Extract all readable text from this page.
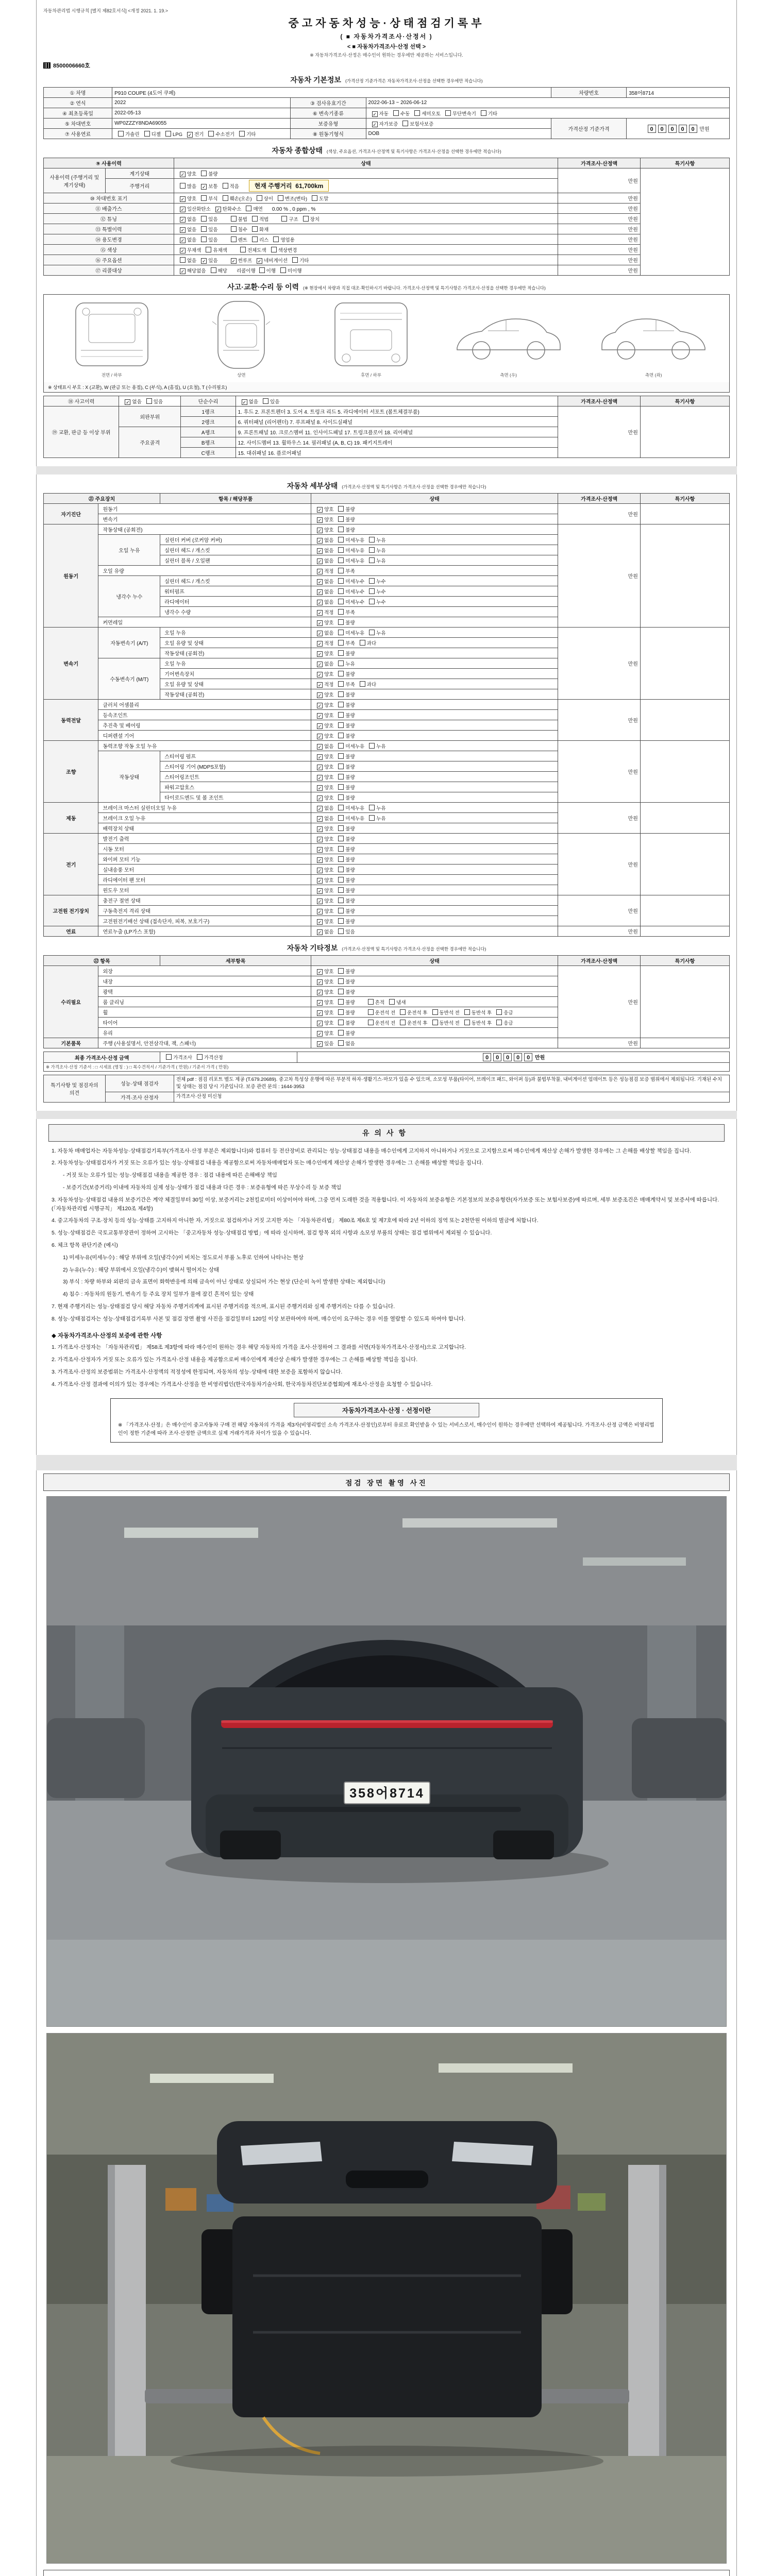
자동차관리법 시행규칙 [별지 제82호서식] <개정 2021. 1. 19.>
중고자동차성능·상태점검기록부
( ■ 자동차가격조사·산정서 )
< ■ 자동차가격조사·산정 선택 >
※ 자동차가격조사·산정은 매수인이 원하는 경우에만 제공하는 서비스입니다.
8500006660호
자동차 기본정보 (가격산정 기준가격은 자동차가격조사·산정을 선택한 경우에만 적습니다)
① 차명	P910 COUPE (4도어 쿠페)			차량번호	358어8714
② 연식	2022	③ 검사유효기간	2022-06-13 ~ 2026-06-12		
④ 최초등록일	2022-05-13	⑥ 변속기종류	✓ 자동 수동 세미오토 무단변속기 기타		
⑤ 차대번호	WP0ZZZY8NDA69055	보증유형	✓ 자가보증 보험사보증	가격산정 기준가격	0 0 0 0 0 만원
⑦ 사용연료	가솔린 디젤 LPG ✓ 전기 수소전기 기타	⑧ 원동기형식	DOB		
자동차 종합상태 (색상, 주요옵션, 가격조사·산정액 및 특기사항은 가격조사·산정을 선택한 경우에만 적습니다)
⑨ 사용이력		상태	가격조사·산정액	특기사항
사용이력 (주행거리 및 계기상태)	계기상태	✓ 양호 불량	만원	
	주행거리	많음 ✓ 보통 적음 현재 주행거리 61,700km		
⑩ 차대번호 표기		✓ 양호 부식 훼손(오손) 상이 변조(변타) 도말	만원	
⑪ 배출가스		✓ 일산화탄소 ✓ 탄화수소 매연 0.00 % , 0 ppm , %	만원	
⑫ 튜닝		✓ 없음 있음 불법 적법 구조 장치	만원	
⑬ 특별이력		✓ 없음 있음 침수 화재	만원	
⑭ 용도변경		✓ 없음 있음 렌트 리스 영업용	만원	
⑮ 색상		✓ 무채색 유채색 전체도색 색상변경	만원	
⑯ 주요옵션		없음 ✓ 있음 ✓ 썬루프 ✓ 네비게이션 기타	만원	
⑰ 리콜대상		✓ 해당없음 해당 리콜이행 이행 미이행	만원	
사고·교환·수리 등 이력 (※ 현장에서 차량과 직접 대조·확인하시기 바랍니다. 가격조사·산정액 및 특기사항은 가격조사·산정을 선택한 경우에만 적습니다)
전면 / 하부	상면	후면 / 하부	측면 (우)	측면 (좌)
※ 상태표시 부호 : X (교환), W (판금 또는 용접), C (부식), A (흠집), U (요철), T (수리필요)
⑱ 사고이력	✓ 없음 있음	단순수리	✓ 없음 있음	가격조사·산정액	특기사항
⑲ 교환, 판금 등 이상 부위	외판부위	1랭크	1. 후드 2. 프론트펜더 3. 도어 4. 트렁크 리드 5. 라디에이터 서포트 (볼트체결부품)	만원	
		2랭크	6. 쿼터패널 (리어펜더) 7. 루프패널 8. 사이드실패널		
	주요골격	A랭크	9. 프론트패널 10. 크로스멤버 11. 인사이드패널 17. 트렁크플로어 18. 리어패널		
		B랭크	12. 사이드멤버 13. 휠하우스 14. 필러패널 (A, B, C) 19. 패키지트레이		
		C랭크	15. 대쉬패널 16. 플로어패널		
자동차 세부상태 (가격조사·산정액 및 특기사항은 가격조사·산정을 선택한 경우에만 적습니다)
㉑ 주요장치		항목 / 해당부품	상태	가격조사·산정액	특기사항
자기진단	원동기		✓ 양호 불량	만원	
	변속기		✓ 양호 불량		
원동기	작동상태 (공회전)		✓ 양호 불량	만원	
	오일 누유	실린더 커버 (로커암 커버)	✓ 없음 미세누유 누유		
		실린더 헤드 / 개스킷	✓ 없음 미세누유 누유		
		실린더 블록 / 오일팬	✓ 없음 미세누유 누유		
	오일 유량		✓ 적정 부족		
	냉각수 누수	실린더 헤드 / 개스킷	✓ 없음 미세누수 누수		
		워터펌프	✓ 없음 미세누수 누수		
		라디에이터	✓ 없음 미세누수 누수		
		냉각수 수량	✓ 적정 부족		
	커먼레일		✓ 양호 불량		
변속기	자동변속기 (A/T)	오일 누유	✓ 없음 미세누유 누유	만원	
		오일 유량 및 상태	✓ 적정 부족 과다		
		작동상태 (공회전)	✓ 양호 불량		
	수동변속기 (M/T)	오일 누유	✓ 없음 누유		
		기어변속장치	✓ 양호 불량		
		오일 유량 및 상태	✓ 적정 부족 과다		
		작동상태 (공회전)	✓ 양호 불량		
동력전달	클러치 어셈블리		✓ 양호 불량	만원	
	등속조인트		✓ 양호 불량		
	추진축 및 베어링		✓ 양호 불량		
	디퍼렌셜 기어		✓ 양호 불량		
조향	동력조향 작동 오일 누유		✓ 없음 미세누유 누유	만원	
	작동상태	스티어링 펌프	✓ 양호 불량		
		스티어링 기어 (MDPS포함)	✓ 양호 불량		
		스티어링조인트	✓ 양호 불량		
		파워고압호스	✓ 양호 불량		
		타이로드엔드 및 볼 조인트	✓ 양호 불량		
제동	브레이크 마스터 실린더오일 누유		✓ 없음 미세누유 누유	만원	
	브레이크 오일 누유		✓ 없음 미세누유 누유		
	배력장치 상태		✓ 양호 불량		
전기	발전기 출력		✓ 양호 불량	만원	
	시동 모터		✓ 양호 불량		
	와이퍼 모터 기능		✓ 양호 불량		
	실내송풍 모터		✓ 양호 불량		
	라디에이터 팬 모터		✓ 양호 불량		
	윈도우 모터		✓ 양호 불량		
고전원 전기장치	충전구 절연 상태		✓ 양호 불량	만원	
	구동축전지 격리 상태		✓ 양호 불량		
	고전원전기배선 상태 (접속단자, 피복, 보호기구)		✓ 양호 불량		
연료	연료누출 (LP가스 포함)		✓ 없음 있음	만원	
자동차 기타정보 (가격조사·산정액 및 특기사항은 가격조사·산정을 선택한 경우에만 적습니다)
㉒ 항목		세부항목	상태	가격조사·산정액	특기사항
수리필요	외장		✓ 양호 불량	만원	
	내장		✓ 양호 불량		
	광택		✓ 양호 불량		
	룸 클리닝		✓ 양호 불량 흔적 냄새		
	휠		✓ 양호 불량 운전석 전 운전석 후 동반석 전 동반석 후 응급		
	타이어		✓ 양호 불량 운전석 전 운전석 후 동반석 전 동반석 후 응급		
	유리		✓ 양호 불량		
기본품목	주행 (사용설명서, 안전삼각대, 잭, 스패너)		✓ 있음 없음	만원	
최종 가격조사·산정 금액	가격조사 가격산정	0 0 0 0 0 만원
※ 가격조사·산정 기준서 : □ 시세표 (명칭 : ) □ 복수견적서 / 기준가격 ( 만원) / 기준서 가격 ( 만원)
특기사항 및 점검자의 의견	성능·상태 점검자	전체 pdf : 점검 리포트 별도 제공 (T.679.20689). 중고차 특성상 운행에 따른 부분적 하자·생활기스·마모가 있을 수 있으며, 소모성 부품(타이어, 브레이크 패드, 와이퍼 등)과 불법부착물, 내비게이션 업데이트 등은 성능점검 보증 범위에서 제외됩니다. 기재된 수치 및 상태는 점검 당시 기준입니다. 보증 관련 문의 : 1644-3953
	가격·조사 산정자	가격조사·산정 미신청
유의사항
1. 자동차 매매업자는 자동차성능·상태점검기록부(가격조사·산정 부분은 제외합니다)와 컴퓨터 등 전산장비로 관리되는 성능·상태점검 내용을 매수인에게 고지하지 아니하거나 거짓으로 고지함으로써 매수인에게 재산상 손해가 발생한 경우에는 그 손해를 배상할 책임을 집니다.
2. 자동차성능·상태점검자가 거짓 또는 오류가 있는 성능·상태점검 내용을 제공함으로써 자동차매매업자 또는 매수인에게 재산상 손해가 발생한 경우에는 그 손해를 배상할 책임을 집니다.
- 거짓 또는 오류가 있는 성능·상태점검 내용을 제공한 경우 : 점검 내용에 따른 손해배상 책임
- 보증기간(보증거리) 이내에 자동차의 실제 성능·상태가 점검 내용과 다른 경우 : 보증유형에 따른 무상수리 등 보증 책임
3. 자동차성능·상태점검 내용의 보증기간은 계약 체결일부터 30일 이상, 보증거리는 2천킬로미터 이상이어야 하며, 그중 먼저 도래한 것을 적용합니다. 이 자동차의 보증유형은 기본정보의 보증유형란(자가보증 또는 보험사보증)에 따르며, 세부 보증조건은 매매계약서 및 보증서에 따릅니다. (「자동차관리법 시행규칙」 제120조 제4항)
4. 중고자동차의 구조·장치 등의 성능·상태를 고지하지 아니한 자, 거짓으로 점검하거나 거짓 고지한 자는 「자동차관리법」 제80조 제6호 및 제7호에 따라 2년 이하의 징역 또는 2천만원 이하의 벌금에 처합니다.
5. 성능·상태점검은 국토교통부장관이 정하여 고시하는 「중고자동차 성능·상태점검 방법」에 따라 실시하며, 점검 항목 외의 사항과 소모성 부품의 상태는 점검 범위에서 제외될 수 있습니다.
6. 체크 항목 판단기준 (예시)
1) 미세누유(미세누수) : 해당 부위에 오일(냉각수)이 비치는 정도로서 부품 노후로 인하여 나타나는 현상
2) 누유(누수) : 해당 부위에서 오일(냉각수)이 맺혀서 떨어지는 상태
3) 부식 : 차량 하부와 외판의 금속 표면이 화학반응에 의해 금속이 아닌 상태로 상실되어 가는 현상 (단순히 녹이 발생한 상태는 제외합니다)
4) 침수 : 자동차의 원동기, 변속기 등 주요 장치 일부가 물에 잠긴 흔적이 있는 상태
7. 현재 주행거리는 성능·상태점검 당시 해당 자동차 주행거리계에 표시된 주행거리를 적으며, 표시된 주행거리와 실제 주행거리는 다를 수 있습니다.
8. 성능·상태점검자는 성능·상태점검기록부 사본 및 점검 장면 촬영 사진을 점검일부터 120일 이상 보관하여야 하며, 매수인이 요구하는 경우 이를 열람할 수 있도록 하여야 합니다.
◆ 자동차가격조사·산정의 보증에 관한 사항
1. 가격조사·산정자는 「자동차관리법」 제58조 제3항에 따라 매수인이 원하는 경우 해당 자동차의 가격을 조사·산정하여 그 결과를 서면(자동차가격조사·산정서)으로 고지합니다.
2. 가격조사·산정자가 거짓 또는 오류가 있는 가격조사·산정 내용을 제공함으로써 매수인에게 재산상 손해가 발생한 경우에는 그 손해를 배상할 책임을 집니다.
3. 가격조사·산정의 보증범위는 가격조사·산정액의 적정성에 한정되며, 자동차의 성능·상태에 대한 보증을 포함하지 않습니다.
4. 가격조사·산정 결과에 이의가 있는 경우에는 가격조사·산정을 한 비영리법인(한국자동차기술사회, 한국자동차진단보증협회)에 재조사·산정을 요청할 수 있습니다.
자동차가격조사·산정 · 선정이란
※ 「가격조사·산정」은 매수인이 중고자동차 구매 전 해당 자동차의 가격을 제3자(비영리법인 소속 가격조사·산정인)로부터 유료로 확인받을 수 있는 서비스로서, 매수인이 원하는 경우에만 선택하여 제공됩니다. 가격조사·산정 금액은 비영리법인이 정한 기준에 따라 조사·산정한 금액으로 실제 거래가격과 차이가 있을 수 있습니다.
점검 장면 촬영 사진
358어8714
